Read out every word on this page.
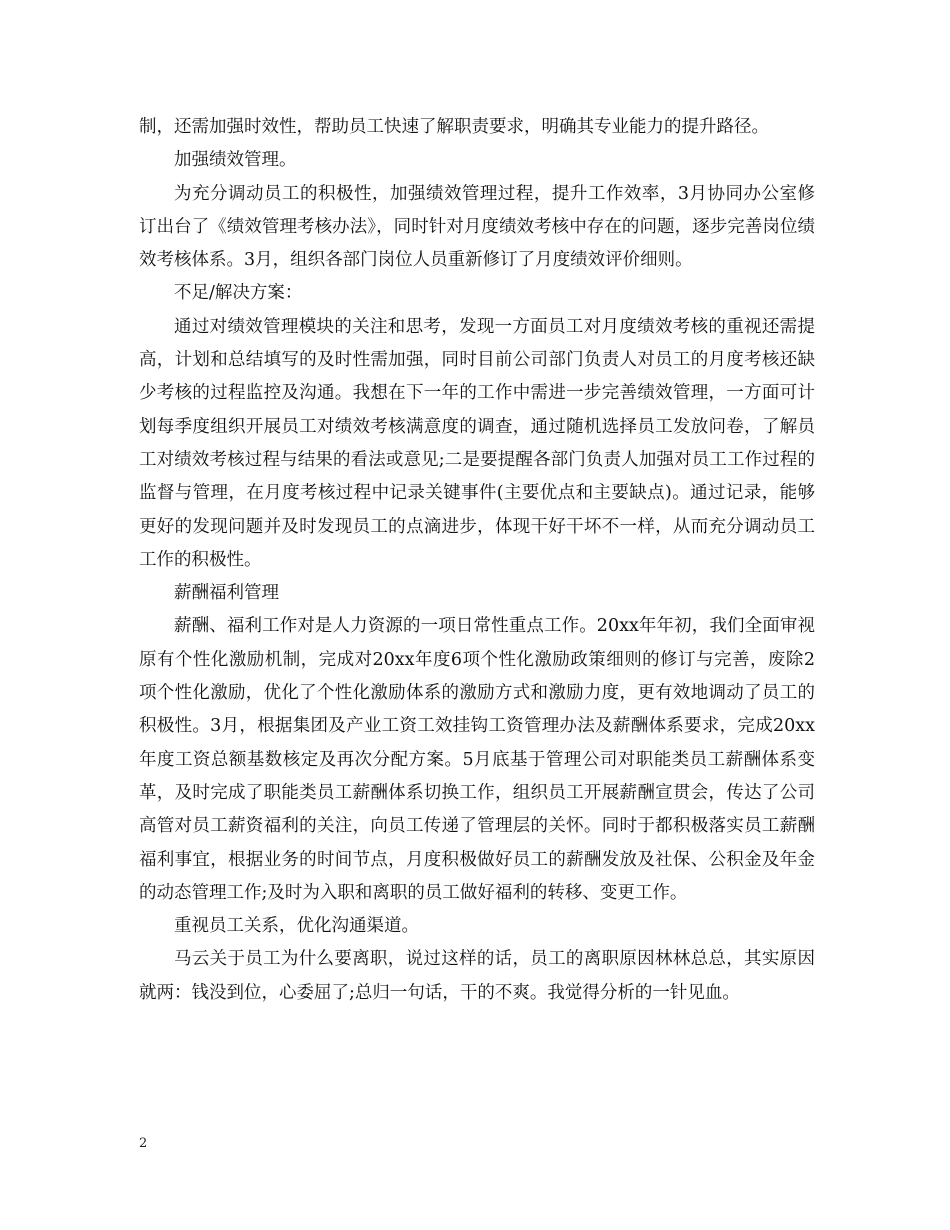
制，还需加强时效性，帮助员工快速了解职责要求，明确其专业能力的提升路径。

加强绩效管理。

为充分调动员工的积极性，加强绩效管理过程，提升工作效率，3月协同办公室修订出台了《绩效管理考核办法》，同时针对月度绩效考核中存在的问题，逐步完善岗位绩效考核体系。3月，组织各部门岗位人员重新修订了月度绩效评价细则。

不足/解决方案：

通过对绩效管理模块的关注和思考，发现一方面员工对月度绩效考核的重视还需提高，计划和总结填写的及时性需加强，同时目前公司部门负责人对员工的月度考核还缺少考核的过程监控及沟通。我想在下一年的工作中需进一步完善绩效管理，一方面可计划每季度组织开展员工对绩效考核满意度的调查，通过随机选择员工发放问卷，了解员工对绩效考核过程与结果的看法或意见;二是要提醒各部门负责人加强对员工工作过程的监督与管理，在月度考核过程中记录关键事件(主要优点和主要缺点)。通过记录，能够更好的发现问题并及时发现员工的点滴进步，体现干好干坏不一样，从而充分调动员工工作的积极性。

薪酬福利管理

薪酬、福利工作对是人力资源的一项日常性重点工作。20xx年年初，我们全面审视原有个性化激励机制，完成对20xx年度6项个性化激励政策细则的修订与完善，废除2项个性化激励，优化了个性化激励体系的激励方式和激励力度，更有效地调动了员工的积极性。3月，根据集团及产业工资工效挂钩工资管理办法及薪酬体系要求，完成20xx年度工资总额基数核定及再次分配方案。5月底基于管理公司对职能类员工薪酬体系变革，及时完成了职能类员工薪酬体系切换工作，组织员工开展薪酬宣贯会，传达了公司高管对员工薪资福利的关注，向员工传递了管理层的关怀。同时于都积极落实员工薪酬福利事宜，根据业务的时间节点，月度积极做好员工的薪酬发放及社保、公积金及年金的动态管理工作;及时为入职和离职的员工做好福利的转移、变更工作。

重视员工关系，优化沟通渠道。

马云关于员工为什么要离职，说过这样的话，员工的离职原因林林总总，其实原因就两：钱没到位，心委屈了;总归一句话，干的不爽。我觉得分析的一针见血。

2
